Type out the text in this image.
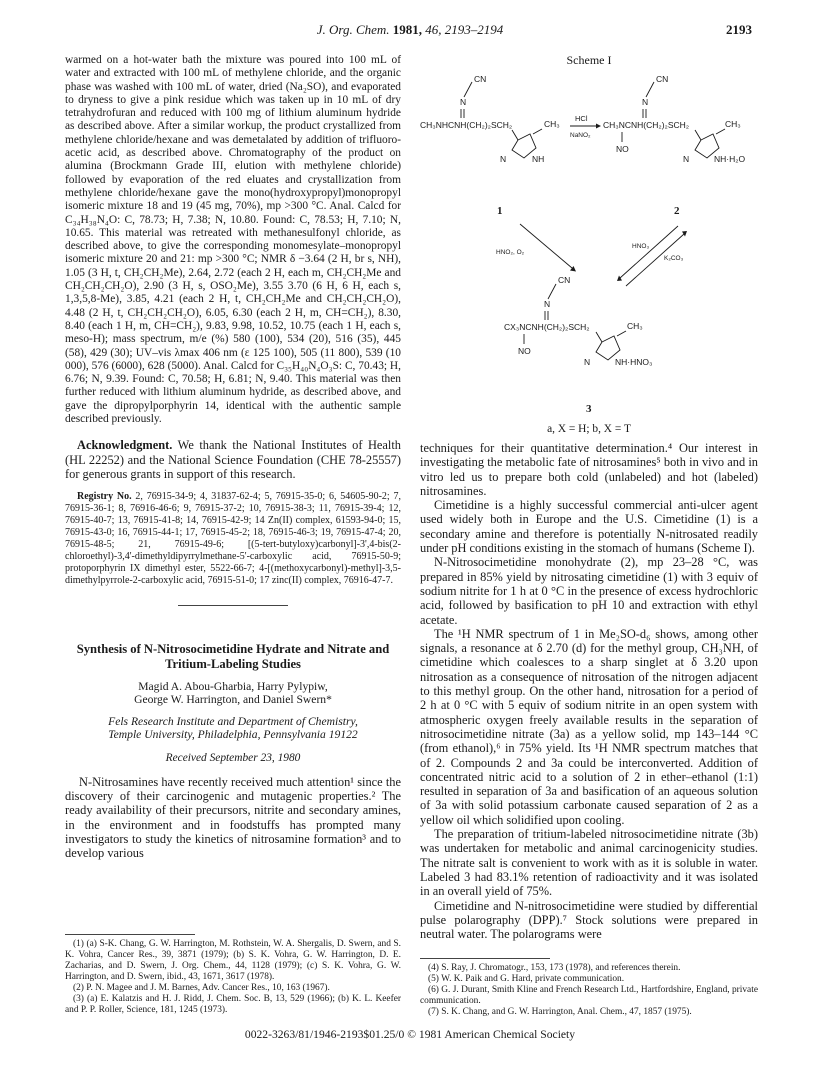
J. Org. Chem. 1981, 46, 2193–2194	2193

warmed on a hot-water bath the mixture was poured into 100 mL of water and extracted with 100 mL of methylene chloride, and the organic phase was washed with 100 mL of water, dried (Na₂SO), and evaporated to dryness to give a pink residue which was taken up in 10 mL of dry tetrahydrofuran and reduced with 100 mg of lithium aluminum hydride as described above. After a similar workup, the product crystallized from methylene chloride/hexane and was demetalated by addition of trifluoro-acetic acid, as described above. Chromatography of the product on alumina (Brockmann Grade III, elution with methylene chloride) followed by evaporation of the red eluates and crystallization from methylene chloride/hexane gave the mono(hydroxypropyl)monopropyl isomeric mixture 18 and 19 (45 mg, 70%), mp >300 °C. Anal. Calcd for C₃₄H₃₈N₄O: C, 78.73; H, 7.38; N, 10.80. Found: C, 78.53; H, 7.10; N, 10.65. This material was retreated with methanesulfonyl chloride, as described above, to give the corresponding monomesylate–monopropyl isomeric mixture 20 and 21: mp >300 °C; NMR δ −3.64 (2 H, br s, NH), 1.05 (3 H, t, CH₂CH₂Me), 2.64, 2.72 (each 2 H, each m, CH₂CH₂Me and CH₂CH₂CH₂O), 2.90 (3 H, s, OSO₂Me), 3.55 3.70 (6 H, 6 H, each s, 1,3,5,8-Me), 3.85, 4.21 (each 2 H, t, CH₂CH₂Me and CH₂CH₂CH₂O), 4.48 (2 H, t, CH₂CH₂CH₂O), 6.05, 6.30 (each 2 H, m, CH=CH₂), 8.30, 8.40 (each 1 H, m, CH=CH₂), 9.83, 9.98, 10.52, 10.75 (each 1 H, each s, meso-H); mass spectrum, m/e (%) 580 (100), 534 (20), 516 (35), 445 (58), 429 (30); UV–vis λmax 406 nm (ε 125 100), 505 (11 800), 539 (10 000), 576 (6000), 628 (5000). Anal. Calcd for C₃₅H₄₀N₄O₃S: C, 70.43; H, 6.76; N, 9.39. Found: C, 70.58; H, 6.81; N, 9.40. This material was then further reduced with lithium aluminum hydride, as described above, and gave the dipropylporphyrin 14, identical with the authentic sample described previously.

Acknowledgment. We thank the National Institutes of Health (HL 22252) and the National Science Foundation (CHE 78-25557) for generous grants in support of this research.

Registry No. 2, 76915-34-9; 4, 31837-62-4; 5, 76915-35-0; 6, 54605-90-2; 7, 76915-36-1; 8, 76916-46-6; 9, 76915-37-2; 10, 76915-38-3; 11, 76915-39-4; 12, 76915-40-7; 13, 76915-41-8; 14, 76915-42-9; 14 Zn(II) complex, 61593-94-0; 15, 76915-43-0; 16, 76915-44-1; 17, 76915-45-2; 18, 76915-46-3; 19, 76915-47-4; 20, 76915-48-5; 21, 76915-49-6; [(5-tert-butyloxy)carbonyl]-3',4-bis(2-chloroethyl)-3,4'-dimethyldipyrrylmethane-5'-carboxylic acid, 76915-50-9; protoporphyrin IX dimethyl ester, 5522-66-7; 4-[(methoxycarbonyl)-methyl]-3,5-dimethylpyrrole-2-carboxylic acid, 76915-51-0; 17 zinc(II) complex, 76916-47-7.

Synthesis of N-Nitrosocimetidine Hydrate and Nitrate and Tritium-Labeling Studies
Magid A. Abou-Gharbia, Harry Pylypiw,
George W. Harrington, and Daniel Swern*
Fels Research Institute and Department of Chemistry,
Temple University, Philadelphia, Pennsylvania 19122
Received September 23, 1980

N-Nitrosamines have recently received much attention¹ since the discovery of their carcinogenic and mutagenic properties.² The ready availability of their precursors, nitrite and secondary amines, in the environment and in foodstuffs has prompted many investigators to study the kinetics of nitrosamine formation³ and to develop various

Scheme I
CN
N
CH₃NHCNH(CH₂)₂SCH₂	CH₃
N	NH
1
HCl
NaNO₂
CN
N
CH₃NCNH(CH₂)₂SCH₂
NO
CH₃
N	NH·H₂O
2
HNO₂, O₂
HNO₃
K₂CO₃
CN
N
CX₃NCNH(CH₂)₂SCH₂
NO
CH₃
N	NH·HNO₃
3
a, X = H; b, X = T

techniques for their quantitative determination.⁴ Our interest in investigating the metabolic fate of nitrosamines⁵ both in vivo and in vitro led us to prepare both cold (unlabeled) and hot (labeled) nitrosamines.

Cimetidine is a highly successful commercial anti-ulcer agent used widely both in Europe and the U.S. Cimetidine (1) is a secondary amine and therefore is potentially N-nitrosated readily under pH conditions existing in the stomach of humans (Scheme I).

N-Nitrosocimetidine monohydrate (2), mp 23–28 °C, was prepared in 85% yield by nitrosating cimetidine (1) with 3 equiv of sodium nitrite for 1 h at 0 °C in the presence of excess hydrochloric acid, followed by basification to pH 10 and extraction with ethyl acetate.

The ¹H NMR spectrum of 1 in Me₂SO-d₆ shows, among other signals, a resonance at δ 2.70 (d) for the methyl group, CH₃NH, of cimetidine which coalesces to a sharp singlet at δ 3.20 upon nitrosation as a consequence of nitrosation of the nitrogen adjacent to this methyl group. On the other hand, nitrosation for a period of 2 h at 0 °C with 5 equiv of sodium nitrite in an open system with atmospheric oxygen freely available results in the separation of nitrosocimetidine nitrate (3a) as a yellow solid, mp 143–144 °C (from ethanol),⁶ in 75% yield. Its ¹H NMR spectrum matches that of 2. Compounds 2 and 3a could be interconverted. Addition of concentrated nitric acid to a solution of 2 in ether–ethanol (1:1) resulted in separation of 3a and basification of an aqueous solution of 3a with solid potassium carbonate caused separation of 2 as a yellow oil which solidified upon cooling.

The preparation of tritium-labeled nitrosocimetidine nitrate (3b) was undertaken for metabolic and animal carcinogenicity studies. The nitrate salt is convenient to work with as it is soluble in water. Labeled 3 had 83.1% retention of radioactivity and it was isolated in an overall yield of 75%.

Cimetidine and N-nitrosocimetidine were studied by differential pulse polarography (DPP).⁷ Stock solutions were prepared in neutral water. The polarograms were

(1) (a) S-K. Chang, G. W. Harrington, M. Rothstein, W. A. Shergalis, D. Swern, and S. K. Vohra, Cancer Res., 39, 3871 (1979); (b) S. K. Vohra, G. W. Harrington, D. E. Zacharias, and D. Swern, J. Org. Chem., 44, 1128 (1979); (c) S. K. Vohra, G. W. Harrington, and D. Swern, ibid., 43, 1671, 3617 (1978).

(2) P. N. Magee and J. M. Barnes, Adv. Cancer Res., 10, 163 (1967).

(3) (a) E. Kalatzis and H. J. Ridd, J. Chem. Soc. B, 13, 529 (1966); (b) K. L. Keefer and P. P. Roller, Science, 181, 1245 (1973).

(4) S. Ray, J. Chromatogr., 153, 173 (1978), and references therein.

(5) W. K. Paik and G. Hard, private communication.

(6) G. J. Durant, Smith Kline and French Research Ltd., Hartfordshire, England, private communication.

(7) S. K. Chang, and G. W. Harrington, Anal. Chem., 47, 1857 (1975).

0022-3263/81/1946-2193$01.25/0 © 1981 American Chemical Society
